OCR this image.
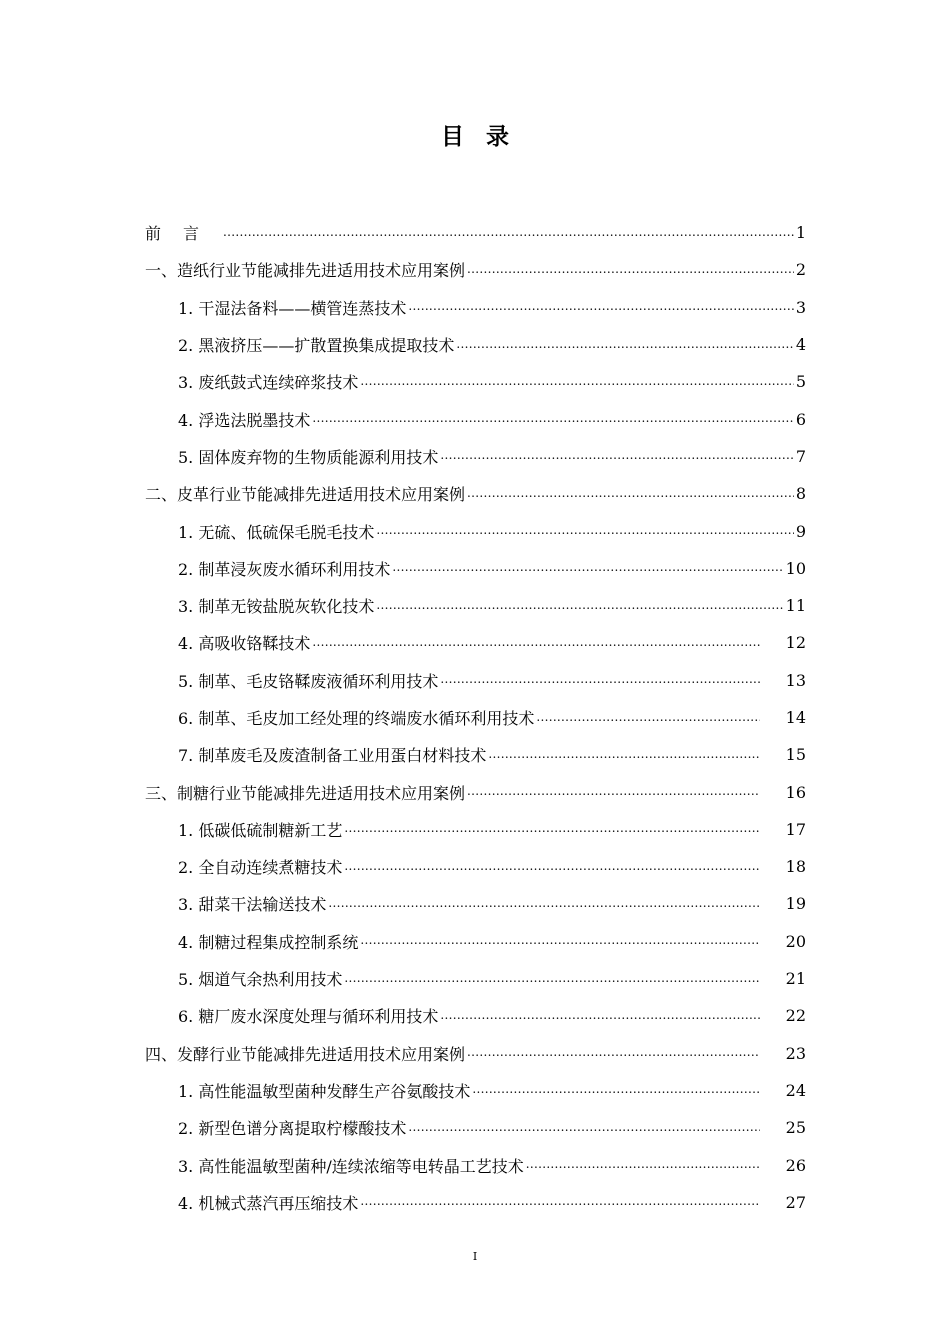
目录
前言 .....	1
一、造纸行业节能减排先进适用技术应用案例 .....	2
1. 干湿法备料——横管连蒸技术 .....	3
2. 黑液挤压——扩散置换集成提取技术 .....	4
3. 废纸鼓式连续碎浆技术 .....	5
4. 浮选法脱墨技术 .....	6
5. 固体废弃物的生物质能源利用技术 .....	7
二、皮革行业节能减排先进适用技术应用案例 .....	8
1. 无硫、低硫保毛脱毛技术 .....	9
2. 制革浸灰废水循环利用技术 .....	10
3. 制革无铵盐脱灰软化技术 .....	11
4. 高吸收铬鞣技术 .....	12
5. 制革、毛皮铬鞣废液循环利用技术 .....	13
6. 制革、毛皮加工经处理的终端废水循环利用技术 .....	14
7. 制革废毛及废渣制备工业用蛋白材料技术 .....	15
三、制糖行业节能减排先进适用技术应用案例 .....	16
1. 低碳低硫制糖新工艺 .....	17
2. 全自动连续煮糖技术 .....	18
3. 甜菜干法输送技术 .....	19
4. 制糖过程集成控制系统 .....	20
5. 烟道气余热利用技术 .....	21
6. 糖厂废水深度处理与循环利用技术 .....	22
四、发酵行业节能减排先进适用技术应用案例 .....	23
1. 高性能温敏型菌种发酵生产谷氨酸技术 .....	24
2. 新型色谱分离提取柠檬酸技术 .....	25
3. 高性能温敏型菌种/连续浓缩等电转晶工艺技术 .....	26
4. 机械式蒸汽再压缩技术 .....	27
I
